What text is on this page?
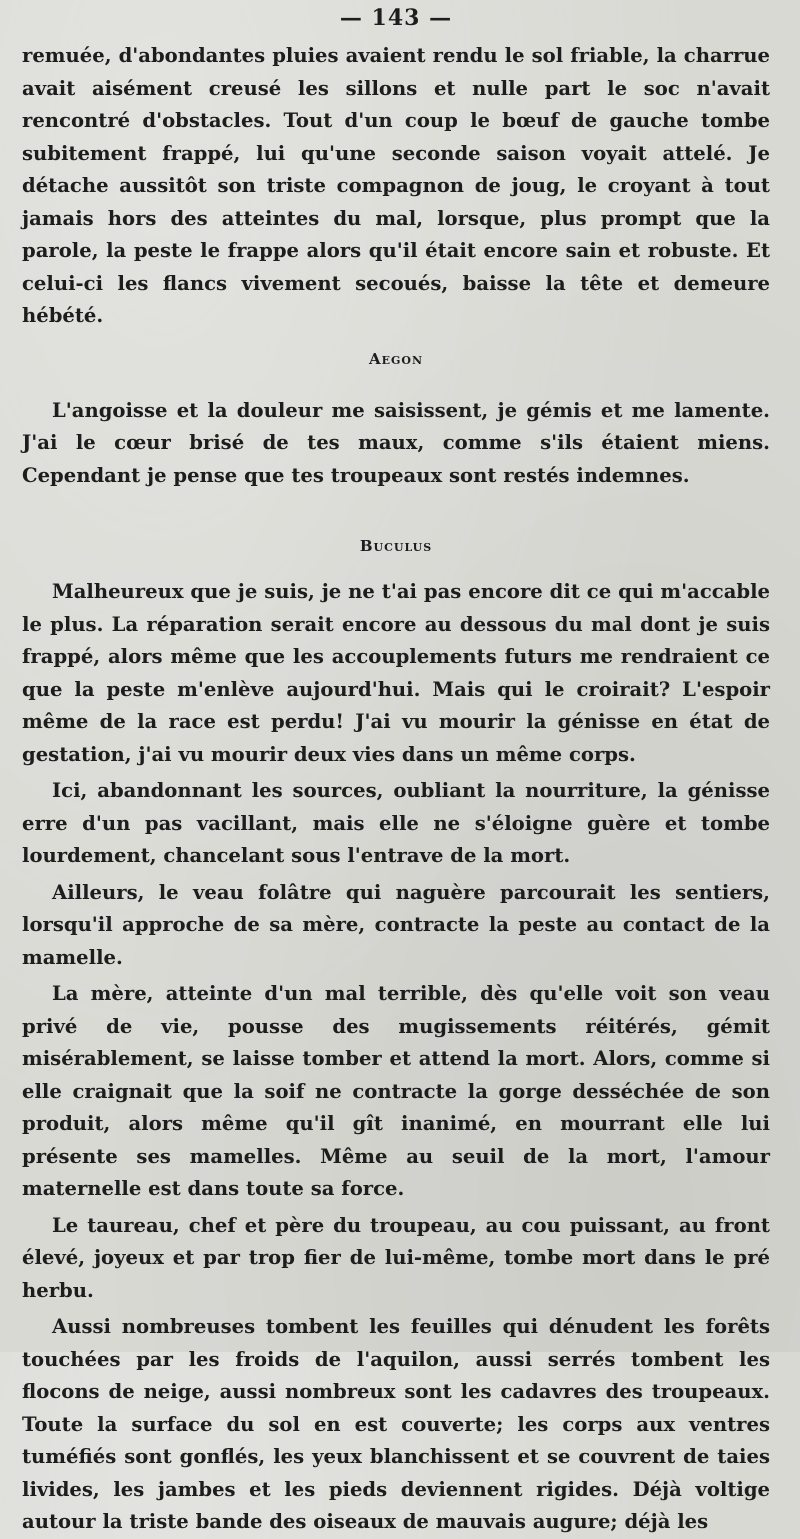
— 143 —

remuée, d'abondantes pluies avaient rendu le sol friable, la charrue avait aisément creusé les sillons et nulle part le soc n'avait rencontré d'obstacles. Tout d'un coup le bœuf de gauche tombe subitement frappé, lui qu'une seconde saison voyait attelé. Je détache aussitôt son triste compagnon de joug, le croyant à tout jamais hors des atteintes du mal, lorsque, plus prompt que la parole, la peste le frappe alors qu'il était encore sain et robuste. Et celui-ci les flancs vivement secoués, baisse la tête et demeure hébété.

Aegon

L'angoisse et la douleur me saisissent, je gémis et me lamente. J'ai le cœur brisé de tes maux, comme s'ils étaient miens. Cependant je pense que tes troupeaux sont restés indemnes.

Buculus

Malheureux que je suis, je ne t'ai pas encore dit ce qui m'accable le plus. La réparation serait encore au dessous du mal dont je suis frappé, alors même que les accouplements futurs me rendraient ce que la peste m'enlève aujourd'hui. Mais qui le croirait? L'espoir même de la race est perdu! J'ai vu mourir la génisse en état de gestation, j'ai vu mourir deux vies dans un même corps.

Ici, abandonnant les sources, oubliant la nourriture, la génisse erre d'un pas vacillant, mais elle ne s'éloigne guère et tombe lourdement, chancelant sous l'entrave de la mort.

Ailleurs, le veau folâtre qui naguère parcourait les sentiers, lorsqu'il approche de sa mère, contracte la peste au contact de la mamelle.

La mère, atteinte d'un mal terrible, dès qu'elle voit son veau privé de vie, pousse des mugissements réitérés, gémit misérablement, se laisse tomber et attend la mort. Alors, comme si elle craignait que la soif ne contracte la gorge desséchée de son produit, alors même qu'il gît inanimé, en mourrant elle lui présente ses mamelles. Même au seuil de la mort, l'amour maternelle est dans toute sa force.

Le taureau, chef et père du troupeau, au cou puissant, au front élevé, joyeux et par trop fier de lui-même, tombe mort dans le pré herbu.

Aussi nombreuses tombent les feuilles qui dénudent les forêts touchées par les froids de l'aquilon, aussi serrés tombent les flocons de neige, aussi nombreux sont les cadavres des troupeaux. Toute la surface du sol en est couverte; les corps aux ventres tuméfiés sont gonflés, les yeux blanchissent et se couvrent de taies livides, les jambes et les pieds deviennent rigides. Déjà voltige autour la triste bande des oiseaux de mauvais augure; déjà les
